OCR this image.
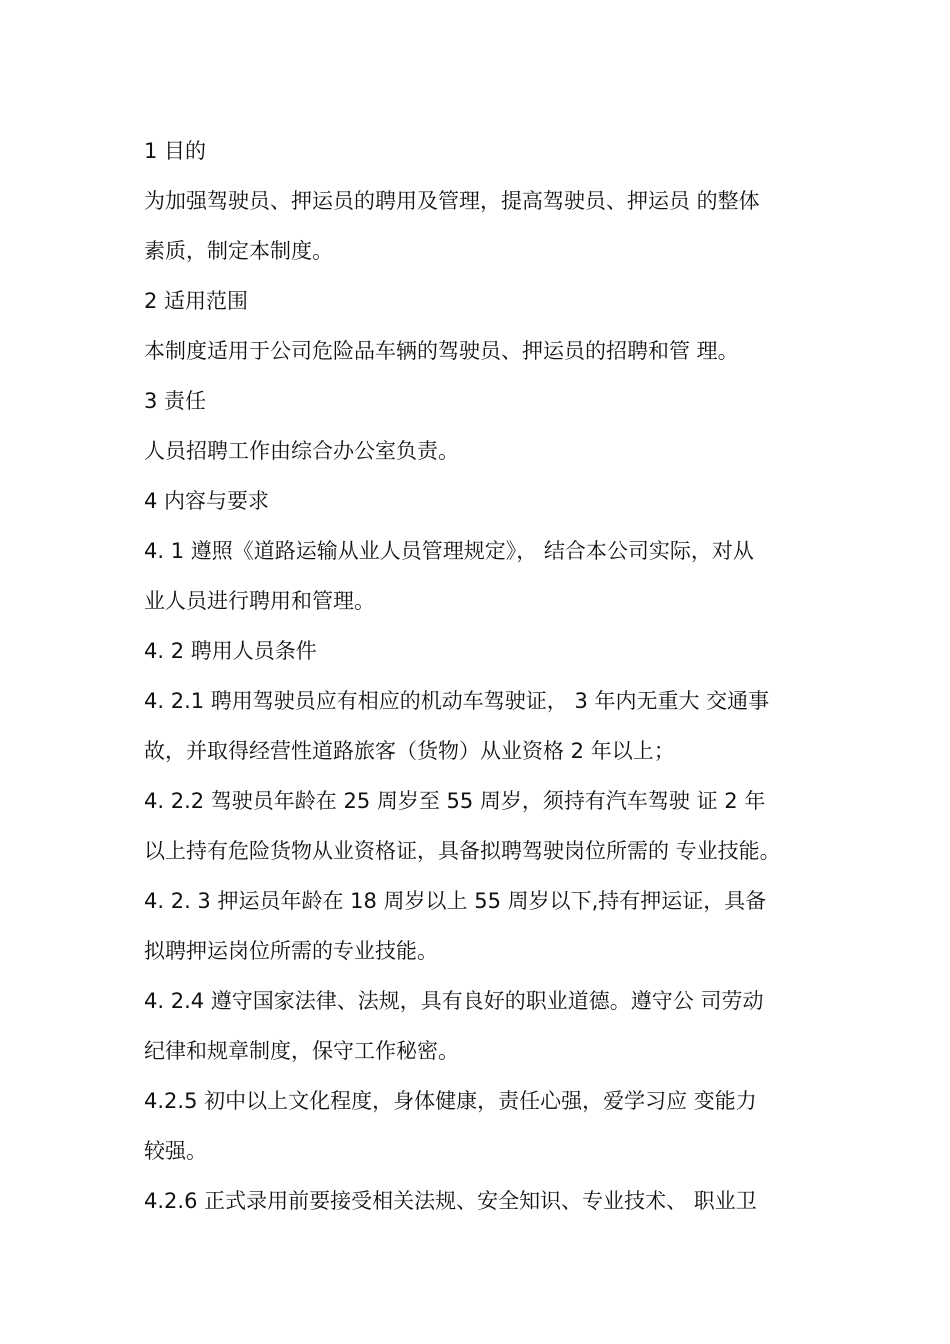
1 目的
为加强驾驶员、押运员的聘用及管理，提高驾驶员、押运员 的整体
素质，制定本制度。
2 适用范围
本制度适用于公司危险品车辆的驾驶员、押运员的招聘和管 理。
3 责任
人员招聘工作由综合办公室负责。
4 内容与要求
4. 1 遵照《道路运输从业人员管理规定》， 结合本公司实际，对从
业人员进行聘用和管理。
4. 2 聘用人员条件
4. 2.1 聘用驾驶员应有相应的机动车驾驶证， 3 年内无重大 交通事
故，并取得经营性道路旅客（货物）从业资格 2 年以上；
4. 2.2 驾驶员年龄在 25 周岁至 55 周岁，须持有汽车驾驶 证 2 年
以上持有危险货物从业资格证，具备拟聘驾驶岗位所需的 专业技能。
4. 2. 3 押运员年龄在 18 周岁以上 55 周岁以下,持有押运证，具备
拟聘押运岗位所需的专业技能。
4. 2.4 遵守国家法律、法规，具有良好的职业道德。遵守公 司劳动
纪律和规章制度，保守工作秘密。
4.2.5 初中以上文化程度，身体健康，责任心强，爱学习应 变能力
较强。
4.2.6 正式录用前要接受相关法规、安全知识、专业技术、 职业卫
